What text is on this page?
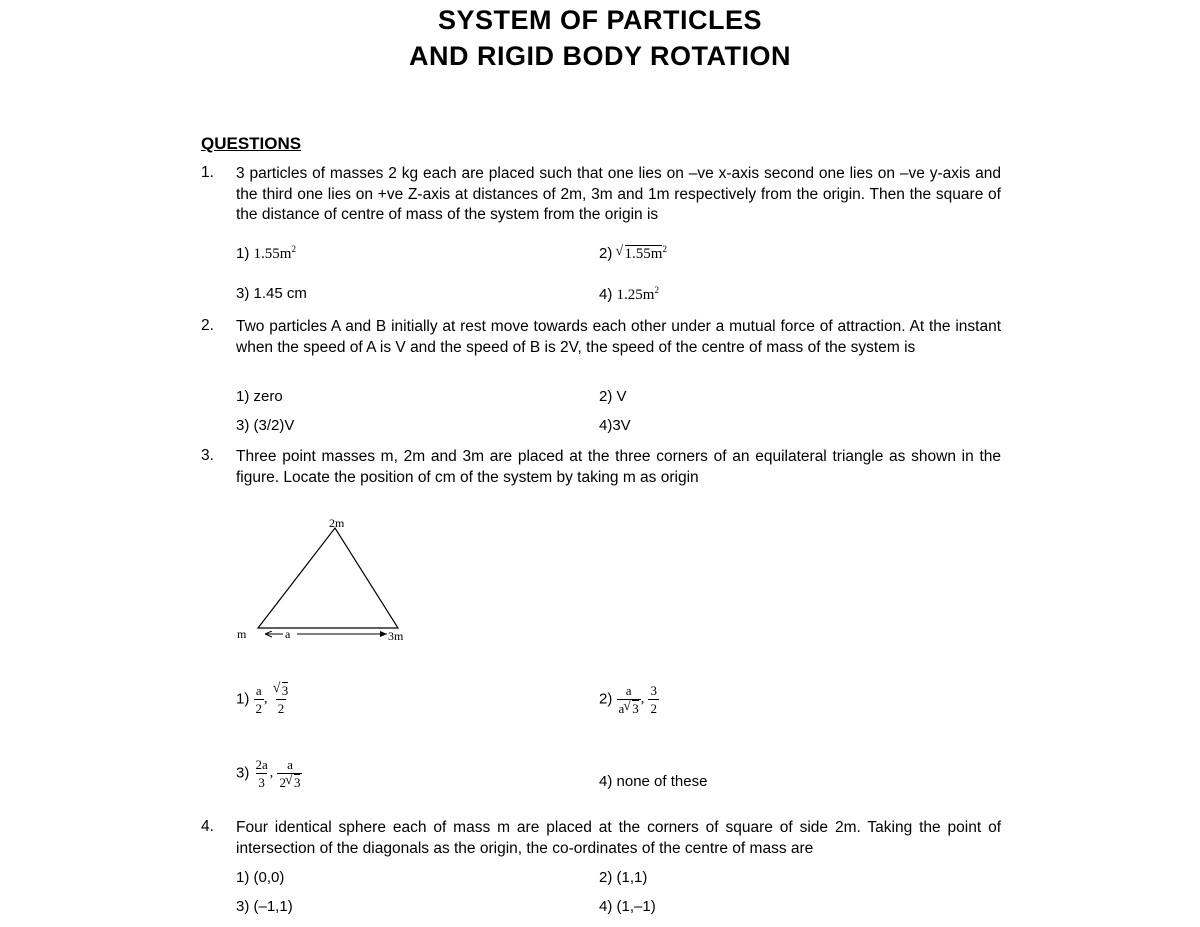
SYSTEM OF PARTICLES
AND RIGID BODY ROTATION
QUESTIONS
1. 3 particles of masses 2 kg each are placed such that one lies on –ve x-axis second one lies on –ve y-axis and the third one lies on +ve Z-axis at distances of 2m, 3m and 1m respectively from the origin. Then the square of the distance of centre of mass of the system from the origin is
1) $1.55m^2$	2) √ $1.55m^2$
3) 1.45 cm	4) $1.25m^2$
2. Two particles A and B initially at rest move towards each other under a mutual force of attraction. At the instant when the speed of A is V and the speed of B is 2V, the speed of the centre of mass of the system is
1) zero	2) V
3) (3/2)V	4)3V
3. Three point masses m, 2m and 3m are placed at the three corners of an equilateral triangle as shown in the figure. Locate the position of cm of the system by taking m as origin
2m
m	3m
a
$1) \frac{a}{2}$ , √ $\frac{3}{2}$	$2) \frac{a}{a √ 3}$ , $\frac{3}{2}$
$3) \frac{2a}{3}$ , $\frac{a}{2 √ 3}$	4) none of these
4. Four identical sphere each of mass m are placed at the corners of square of side 2m. Taking the point of intersection of the diagonals as the origin, the co-ordinates of the centre of mass are
1) (0,0)	2) (1,1)
3) (–1,1)	4) (1,–1)
